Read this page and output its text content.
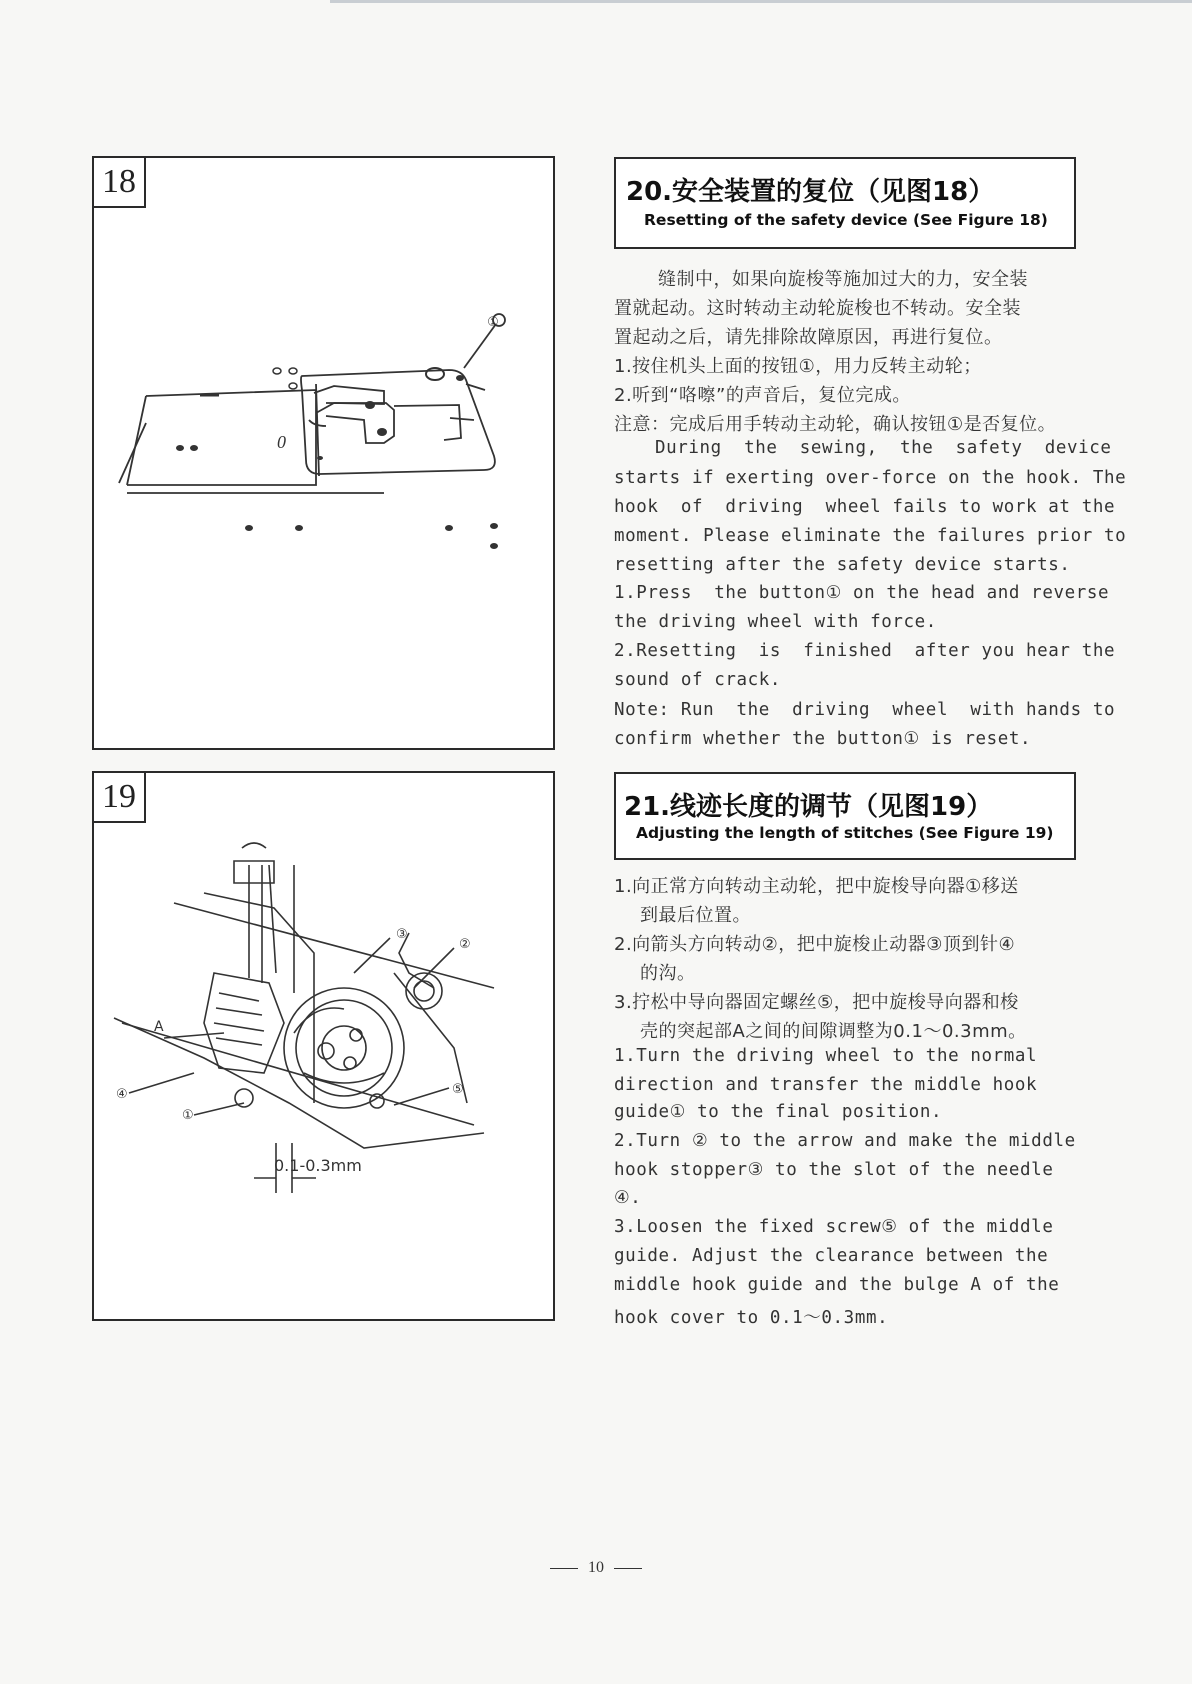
18
0
①
19
③
②
A
④
①
⑤
0.1-0.3mm
20.安全装置的复位（见图18）
Resetting of the safety device (See Figure 18)
缝制中，如果向旋梭等施加过大的力，安全装
置就起动。这时转动主动轮旋梭也不转动。安全装
置起动之后，请先排除故障原因，再进行复位。
1.按住机头上面的按钮①，用力反转主动轮；
2.听到“咯嚓”的声音后，复位完成。
注意：完成后用手转动主动轮，确认按钮①是否复位。
During  the  sewing,  the  safety  device
starts if exerting over-force on the hook. The
hook  of  driving  wheel fails to work at the
moment. Please eliminate the failures prior to
resetting after the safety device starts.
1.Press  the button① on the head and reverse
the driving wheel with force.
2.Resetting  is  finished  after you hear the
sound of crack.
Note: Run  the  driving  wheel  with hands to
confirm whether the button① is reset.
21.线迹长度的调节（见图19）
Adjusting the length of stitches (See Figure 19)
1.向正常方向转动主动轮，把中旋梭导向器①移送
到最后位置。
2.向箭头方向转动②，把中旋梭止动器③顶到针④
的沟。
3.拧松中导向器固定螺丝⑤，把中旋梭导向器和梭
壳的突起部A之间的间隙调整为0.1～0.3mm。
1.Turn the driving wheel to the normal
direction and transfer the middle hook
guide① to the final position.
2.Turn ② to the arrow and make the middle
hook stopper③ to the slot of the needle
④.
3.Loosen the fixed screw⑤ of the middle
guide. Adjust the clearance between the
middle hook guide and the bulge A of the
hook cover to 0.1～0.3mm.
10
